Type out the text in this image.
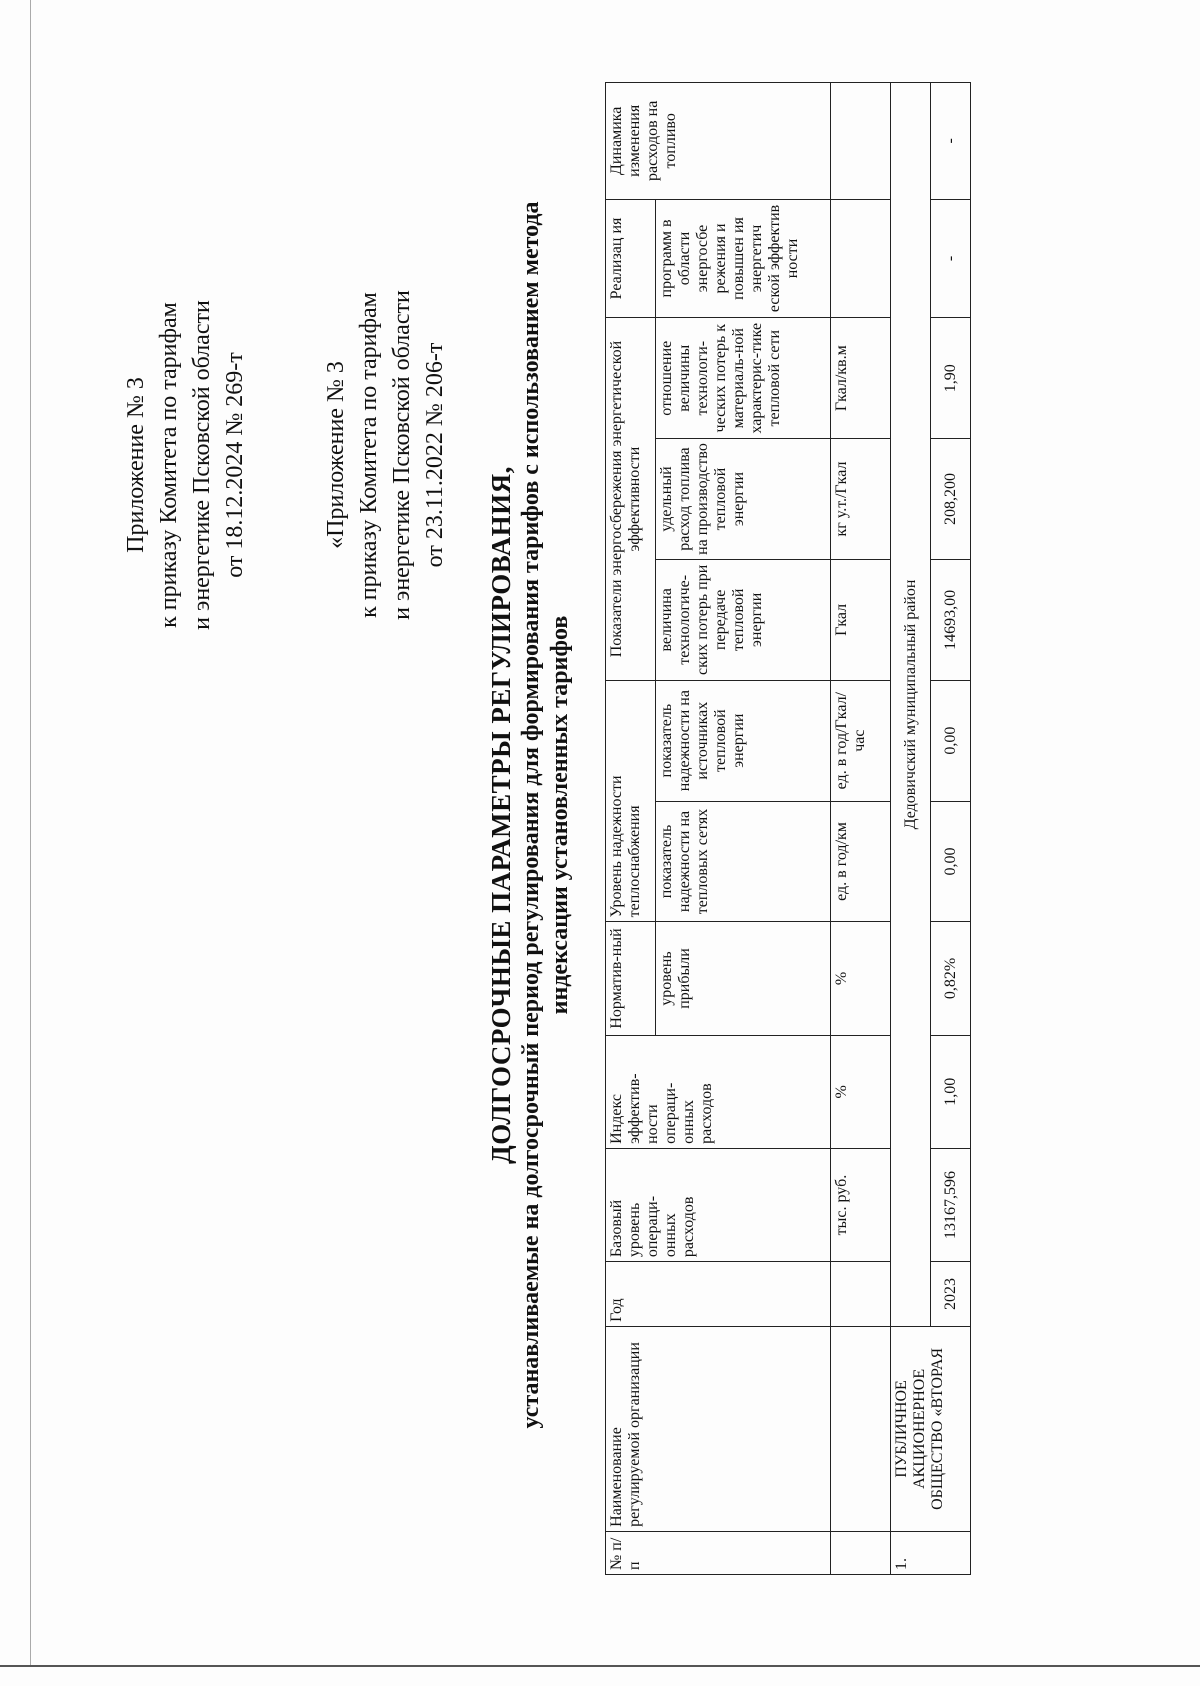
Приложение № 3 к приказу Комитета по тарифам и энергетике Псковской области от 18.12.2024 № 269-т	«Приложение № 3 к приказу Комитета по тарифам и энергетике Псковской области от 23.11.2022 № 206-т
ДОЛГОСРОЧНЫЕ ПАРАМЕТРЫ РЕГУЛИРОВАНИЯ, устанавливаемые на долгосрочный период регулирования для формирования тарифов с использованием метода индексации установленных тарифов
№ п/п	Наименование регулируемой организации	Год	Базовый уровень операци-онных расходов	Индекс эффектив-ности операци-онных расходов	Норматив-ный	Уровень надежности теплоснабжения		Показатели энергосбережения энергетической эффективности			Реализац ия	Динамика изменения расходов на топливо
					уровень прибыли	показатель надежности на тепловых сетях	показатель надежности на источниках тепловой энергии	величина технологиче-ских потерь при передаче тепловой энергии	удельный расход топлива на производство тепловой энергии	отношение величины технологи-ческих потерь к материаль-ной характерис-тике тепловой сети	программ в области энергосбе режения и повышен ия энергетич еской эффектив ности	
			тыс. руб.	%	%	ед. в год/км	ед. в год/Гкал/час	Гкал	кг у.т./Гкал	Гкал/кв.м		
1.	ПУБЛИЧНОЕ АКЦИОНЕРНОЕ ОБЩЕСТВО «ВТОРАЯ	Дедовичский муниципальный район										
		2023	13167,596	1,00	0,82%	0,00	0,00	14693,00	208,200	1,90	-	-
